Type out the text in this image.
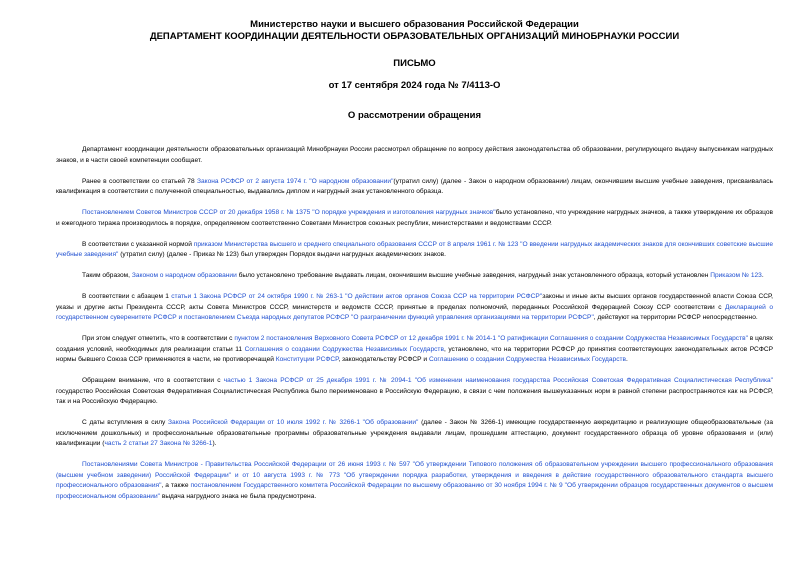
Министерство науки и высшего образования Российской Федерации
ДЕПАРТАМЕНТ КООРДИНАЦИИ ДЕЯТЕЛЬНОСТИ ОБРАЗОВАТЕЛЬНЫХ ОРГАНИЗАЦИЙ МИНОБРНАУКИ РОССИИ
ПИСЬМО
от 17 сентября 2024 года № 7/4113-О
О рассмотрении обращения

Департамент координации деятельности образовательных организаций Минобрнауки России рассмотрел обращение по вопросу действия законодательства об образовании, регулирующего выдачу выпускникам нагрудных знаков, и в части своей компетенции сообщает.

Ранее в соответствии со статьей 78 Закона РСФСР от 2 августа 1974 г. "О народном образовании"(утратил силу) (далее - Закон о народном образовании) лицам, окончившим высшие учебные заведения, присваивалась квалификация в соответствии с полученной специальностью, выдавались диплом и нагрудный знак установленного образца.

Постановлением Советов Министров СССР от 20 декабря 1958 г. № 1375 "О порядке учреждения и изготовления нагрудных значков"было установлено, что учреждение нагрудных значков, а также утверждение их образцов и ежегодного тиража производилось в порядке, определяемом соответственно Советами Министров союзных республик, министерствами и ведомствами СССР.

В соответствии с указанной нормой приказом Министерства высшего и среднего специального образования СССР от 8 апреля 1961 г. № 123 "О введении нагрудных академических знаков для окончивших советские высшие учебные заведения" (утратил силу) (далее - Приказ № 123) был утвержден Порядок выдачи нагрудных академических знаков.

Таким образом, Законом о народном образовании было установлено требование выдавать лицам, окончившим высшие учебные заведения, нагрудный знак установленного образца, который установлен Приказом № 123.

В соответствии с абзацем 1 статьи 1 Закона РСФСР от 24 октября 1990 г. № 263-1 "О действии актов органов Союза ССР на территории РСФСР"законы и иные акты высших органов государственной власти Союза ССР, указы и другие акты Президента СССР, акты Совета Министров СССР, министерств и ведомств СССР, принятые в пределах полномочий, переданных Российской Федерацией Союзу ССР соответствии с Декларацией о государственном суверенитете РСФСР и постановлением Съезда народных депутатов РСФСР "О разграничении функций управления организациями на территории РСФСР", действуют на территории РСФСР непосредственно.

При этом следует отметить, что в соответствии с пунктом 2 постановления Верховного Совета РСФСР от 12 декабря 1991 г. № 2014-1 "О ратификации Соглашения о создании Содружества Независимых Государств" в целях создания условий, необходимых для реализации статьи 11 Соглашения о создании Содружества Независимых Государств, установлено, что на территории РСФСР до принятия соответствующих законодательных актов РСФСР нормы бывшего Союза ССР применяются в части, не противоречащей Конституции РСФСР, законодательству РСФСР и Соглашению о создании Содружества Независимых Государств.

Обращаем внимание, что в соответствии с частью 1 Закона РСФСР от 25 декабря 1991 г. № 2094-1 "Об изменении наименования государства Российская Советская Федеративная Социалистическая Республика" государство Российская Советская Федеративная Социалистическая Республика было переименовано в Российскую Федерацию, в связи с чем положения вышеуказанных норм в равной степени распространяются как на РСФСР, так и на Российскую Федерацию.

С даты вступления в силу Закона Российской Федерации от 10 июля 1992 г. № 3266-1 "Об образовании" (далее - Закон № 3266-1) имеющие государственную аккредитацию и реализующие общеобразовательные (за исключением дошкольных) и профессиональные образовательные программы образовательные учреждения выдавали лицам, прошедшим аттестацию, документ государственного образца об уровне образования и (или) квалификации (часть 2 статьи 27 Закона № 3266-1).

Постановлениями Совета Министров - Правительства Российской Федерации от 26 июня 1993 г. № 597 "Об утверждении Типового положения об образовательном учреждении высшего профессионального образования (высшем учебном заведении) Российской Федерации" и от 10 августа 1993 г. № 773 "Об утверждении порядка разработки, утверждения и введения в действие государственного образовательного стандарта высшего профессионального образования", а также постановлением Государственного комитета Российской Федерации по высшему образованию от 30 ноября 1994 г. № 9 "Об утверждении образцов государственных документов о высшем профессиональном образовании" выдача нагрудного знака не была предусмотрена.
